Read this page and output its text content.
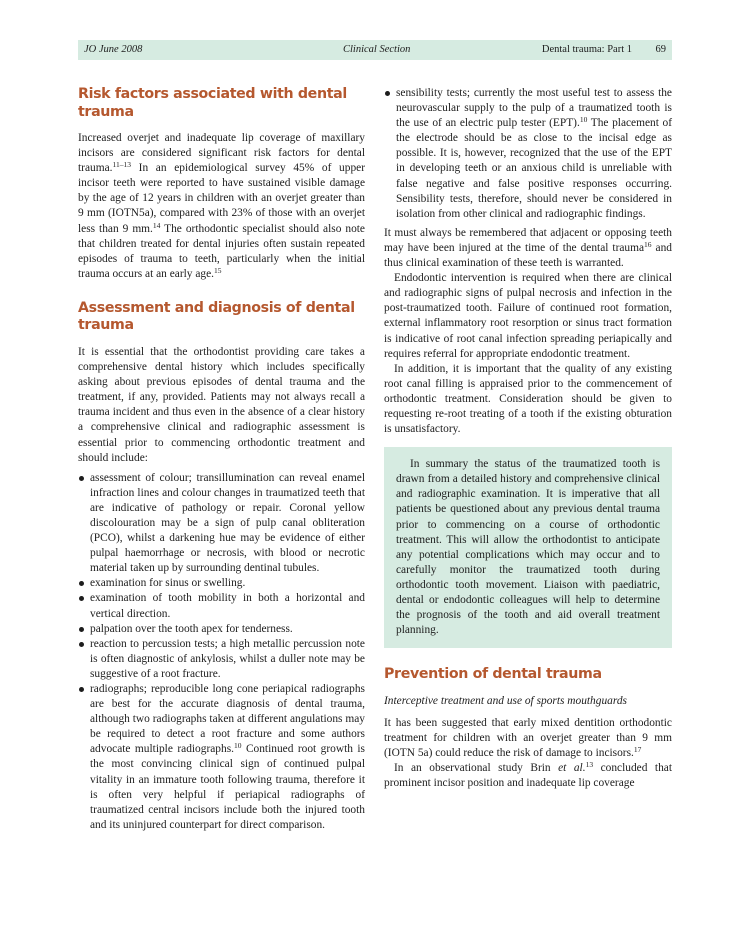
JO June 2008	Clinical Section	Dental trauma: Part 1 69
Risk factors associated with dental trauma

Increased overjet and inadequate lip coverage of maxillary incisors are considered significant risk factors for dental trauma.$^{11-13}$ In an epidemiological survey 45% of upper incisor teeth were reported to have sustained visible damage by the age of 12 years in children with an overjet greater than 9 mm (IOTN5a), compared with 23% of those with an overjet less than 9 mm.$^{14}$ The orthodontic specialist should also note that children treated for dental injuries often sustain repeated episodes of trauma to teeth, particularly when the initial trauma occurs at an early age.$^{15}$

Assessment and diagnosis of dental trauma

It is essential that the orthodontist providing care takes a comprehensive dental history which includes specifically asking about previous episodes of dental trauma and the treatment, if any, provided. Patients may not always recall a trauma incident and thus even in the absence of a clear history a comprehensive clinical and radiographic assessment is essential prior to commencing orthodontic treatment and should include:

assessment of colour; transillumination can reveal enamel infraction lines and colour changes in traumatized teeth that are indicative of pathology or repair. Coronal yellow discolouration may be a sign of pulp canal obliteration (PCO), whilst a darkening hue may be evidence of either pulpal haemorrhage or necrosis, with blood or necrotic material taken up by surrounding dentinal tubules.
examination for sinus or swelling.
examination of tooth mobility in both a horizontal and vertical direction.
palpation over the tooth apex for tenderness.
reaction to percussion tests; a high metallic percussion note is often diagnostic of ankylosis, whilst a duller note may be suggestive of a root fracture.
radiographs; reproducible long cone periapical radiographs are best for the accurate diagnosis of dental trauma, although two radiographs taken at different angulations may be required to detect a root fracture and some authors advocate multiple radiographs.$^{10}$ Continued root growth is the most convincing clinical sign of continued pulpal vitality in an immature tooth following trauma, therefore it is often very helpful if periapical radiographs of traumatized central incisors include both the injured tooth and its uninjured counterpart for direct comparison.
sensibility tests; currently the most useful test to assess the neurovascular supply to the pulp of a traumatized tooth is the use of an electric pulp tester (EPT).$^{10}$ The placement of the electrode should be as close to the incisal edge as possible. It is, however, recognized that the use of the EPT in developing teeth or an anxious child is unreliable with false negative and false positive responses occurring. Sensibility tests, therefore, should never be considered in isolation from other clinical and radiographic findings.

It must always be remembered that adjacent or opposing teeth may have been injured at the time of the dental trauma$^{16}$ and thus clinical examination of these teeth is warranted.

Endodontic intervention is required when there are clinical and radiographic signs of pulpal necrosis and infection in the post-traumatized tooth. Failure of continued root formation, external inflammatory root resorption or sinus tract formation is indicative of root canal infection spreading periapically and requires referral for appropriate endodontic treatment.

In addition, it is important that the quality of any existing root canal filling is appraised prior to the commencement of orthodontic treatment. Consideration should be given to requesting re-root treating of a tooth if the existing obturation is unsatisfactory.

In summary the status of the traumatized tooth is drawn from a detailed history and comprehensive clinical and radiographic examination. It is imperative that all patients be questioned about any previous dental trauma prior to commencing on a course of orthodontic treatment. This will allow the orthodontist to anticipate any potential complications which may occur and to carefully monitor the traumatized tooth during orthodontic tooth movement. Liaison with paediatric, dental or endodontic colleagues will help to determine the prognosis of the tooth and aid overall treatment planning.

Prevention of dental trauma

Interceptive treatment and use of sports mouthguards

It has been suggested that early mixed dentition orthodontic treatment for children with an overjet greater than 9 mm (IOTN 5a) could reduce the risk of damage to incisors.$^{17}$

In an observational study Brin et al.$^{13}$ concluded that prominent incisor position and inadequate lip coverage
